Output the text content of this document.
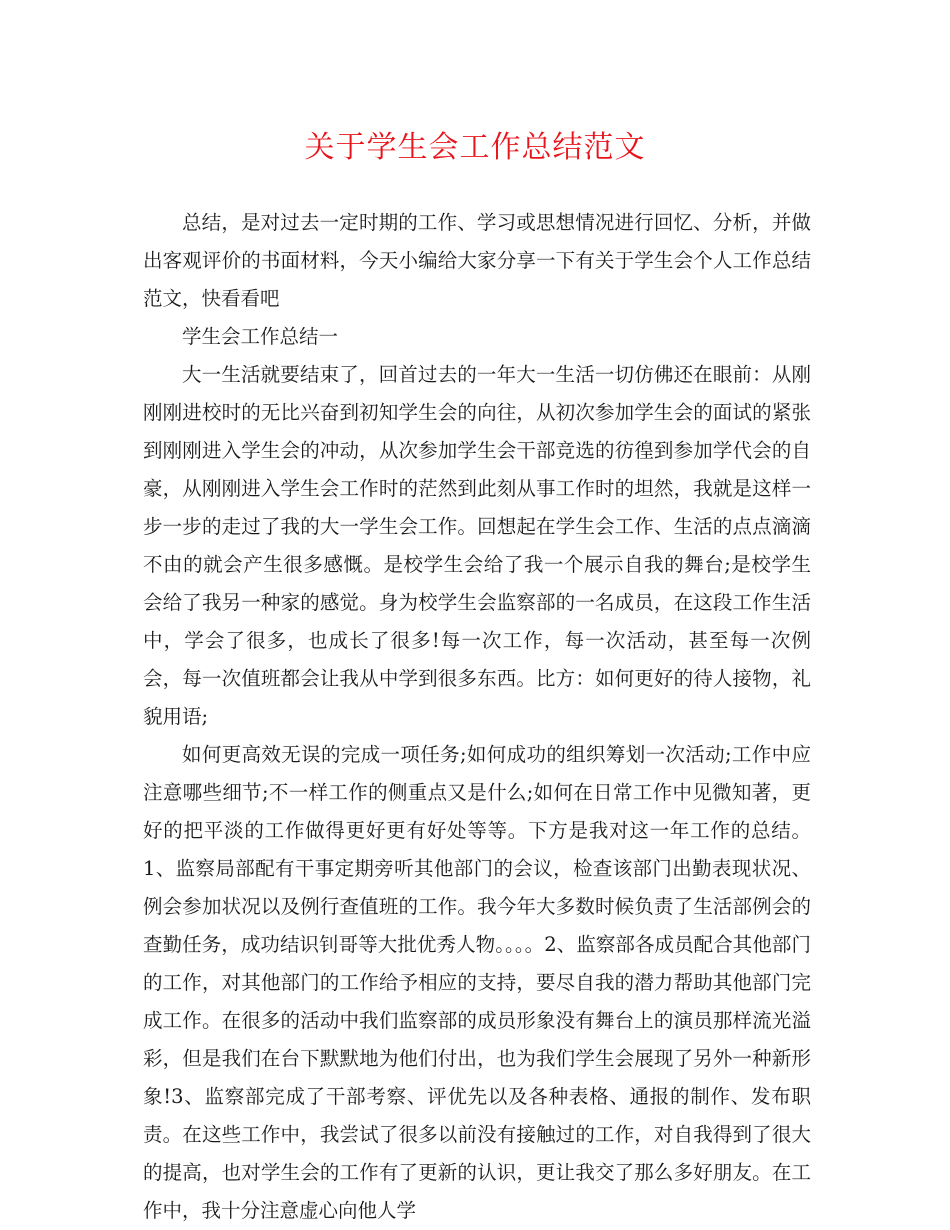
关于学生会工作总结范文

总结，是对过去一定时期的工作、学习或思想情况进行回忆、分析，并做出客观评价的书面材料，今天小编给大家分享一下有关于学生会个人工作总结范文，快看看吧

学生会工作总结一

大一生活就要结束了，回首过去的一年大一生活一切仿佛还在眼前：从刚刚刚进校时的无比兴奋到初知学生会的向往，从初次参加学生会的面试的紧张到刚刚进入学生会的冲动，从次参加学生会干部竞选的彷徨到参加学代会的自豪，从刚刚进入学生会工作时的茫然到此刻从事工作时的坦然，我就是这样一步一步的走过了我的大一学生会工作。回想起在学生会工作、生活的点点滴滴不由的就会产生很多感慨。是校学生会给了我一个展示自我的舞台;是校学生会给了我另一种家的感觉。身为校学生会监察部的一名成员，在这段工作生活中，学会了很多，也成长了很多!每一次工作，每一次活动，甚至每一次例会，每一次值班都会让我从中学到很多东西。比方：如何更好的待人接物，礼貌用语;

如何更高效无误的完成一项任务;如何成功的组织筹划一次活动;工作中应注意哪些细节;不一样工作的侧重点又是什么;如何在日常工作中见微知著，更好的把平淡的工作做得更好更有好处等等。下方是我对这一年工作的总结。1、监察局部配有干事定期旁听其他部门的会议，检查该部门出勤表现状况、例会参加状况以及例行查值班的工作。我今年大多数时候负责了生活部例会的查勤任务，成功结识钊哥等大批优秀人物。。。。2、监察部各成员配合其他部门的工作，对其他部门的工作给予相应的支持，要尽自我的潜力帮助其他部门完成工作。在很多的活动中我们监察部的成员形象没有舞台上的演员那样流光溢彩，但是我们在台下默默地为他们付出，也为我们学生会展现了另外一种新形象!3、监察部完成了干部考察、评优先以及各种表格、通报的制作、发布职责。在这些工作中，我尝试了很多以前没有接触过的工作，对自我得到了很大的提高，也对学生会的工作有了更新的认识，更让我交了那么多好朋友。在工作中，我十分注意虚心向他人学
